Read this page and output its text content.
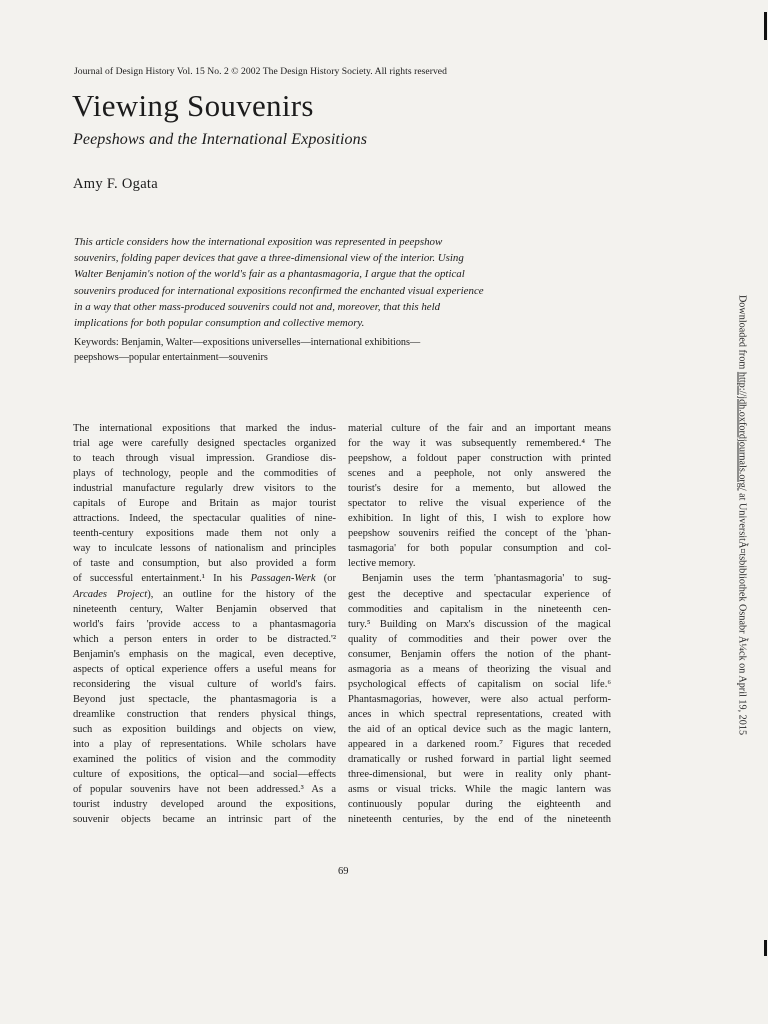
Journal of Design History Vol. 15 No. 2 © 2002 The Design History Society. All rights reserved
Viewing Souvenirs
Peepshows and the International Expositions
Amy F. Ogata
This article considers how the international exposition was represented in peepshow
souvenirs, folding paper devices that gave a three-dimensional view of the interior. Using
Walter Benjamin's notion of the world's fair as a phantasmagoria, I argue that the optical
souvenirs produced for international expositions reconfirmed the enchanted visual experience
in a way that other mass-produced souvenirs could not and, moreover, that this held
implications for both popular consumption and collective memory.
Keywords: Benjamin, Walter—expositions universelles—international exhibitions—
peepshows—popular entertainment—souvenirs
The international expositions that marked the indus-
trial age were carefully designed spectacles organized
to teach through visual impression. Grandiose dis-
plays of technology, people and the commodities of
industrial manufacture regularly drew visitors to the
capitals of Europe and Britain as major tourist
attractions. Indeed, the spectacular qualities of nine-
teenth-century expositions made them not only a
way to inculcate lessons of nationalism and principles
of taste and consumption, but also provided a form
of successful entertainment.¹ In his Passagen-Werk (or
Arcades Project), an outline for the history of the
nineteenth century, Walter Benjamin observed that
world's fairs 'provide access to a phantasmagoria
which a person enters in order to be distracted.'²
Benjamin's emphasis on the magical, even deceptive,
aspects of optical experience offers a useful means for
reconsidering the visual culture of world's fairs.
Beyond just spectacle, the phantasmagoria is a
dreamlike construction that renders physical things,
such as exposition buildings and objects on view,
into a play of representations. While scholars have
examined the politics of vision and the commodity
culture of expositions, the optical—and social—effects
of popular souvenirs have not been addressed.³ As a
tourist industry developed around the expositions,
souvenir objects became an intrinsic part of the
material culture of the fair and an important means
for the way it was subsequently remembered.⁴ The
peepshow, a foldout paper construction with printed
scenes and a peephole, not only answered the
tourist's desire for a memento, but allowed the
spectator to relive the visual experience of the
exhibition. In light of this, I wish to explore how
peepshow souvenirs reified the concept of the 'phan-
tasmagoria' for both popular consumption and col-
lective memory.
Benjamin uses the term 'phantasmagoria' to sug-
gest the deceptive and spectacular experience of
commodities and capitalism in the nineteenth cen-
tury.⁵ Building on Marx's discussion of the magical
quality of commodities and their power over the
consumer, Benjamin offers the notion of the phant-
asmagoria as a means of theorizing the visual and
psychological effects of capitalism on social life.⁶
Phantasmagorias, however, were also actual perform-
ances in which spectral representations, created with
the aid of an optical device such as the magic lantern,
appeared in a darkened room.⁷ Figures that receded
dramatically or rushed forward in partial light seemed
three-dimensional, but were in reality only phant-
asms or visual tricks. While the magic lantern was
continuously popular during the eighteenth and
nineteenth centuries, by the end of the nineteenth
69
Downloaded from http://jdh.oxfordjournals.org/ at UniversitÃ¤tsbibliothek Osnabr Ã¼ck on April 19, 2015
